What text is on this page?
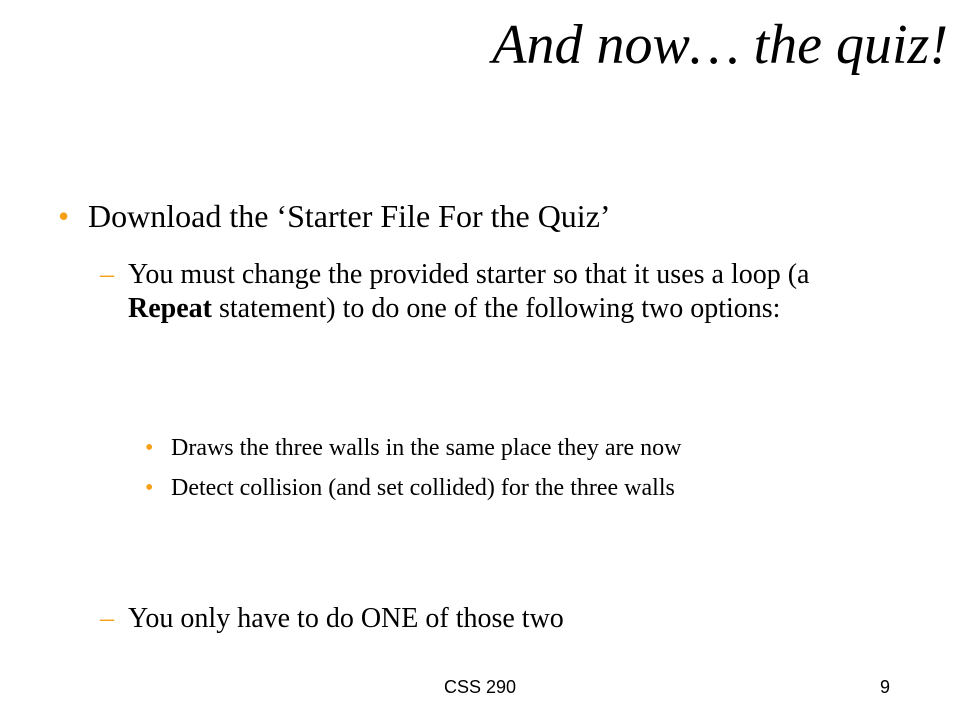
And now… the quiz!
• Download the ‘Starter File For the Quiz’
– You must change the provided starter so that it uses a loop (a Repeat statement) to do one of the following two options:
• Draws the three walls in the same place they are now
• Detect collision (and set collided) for the three walls
– You only have to do ONE of those two
CSS 290	9
